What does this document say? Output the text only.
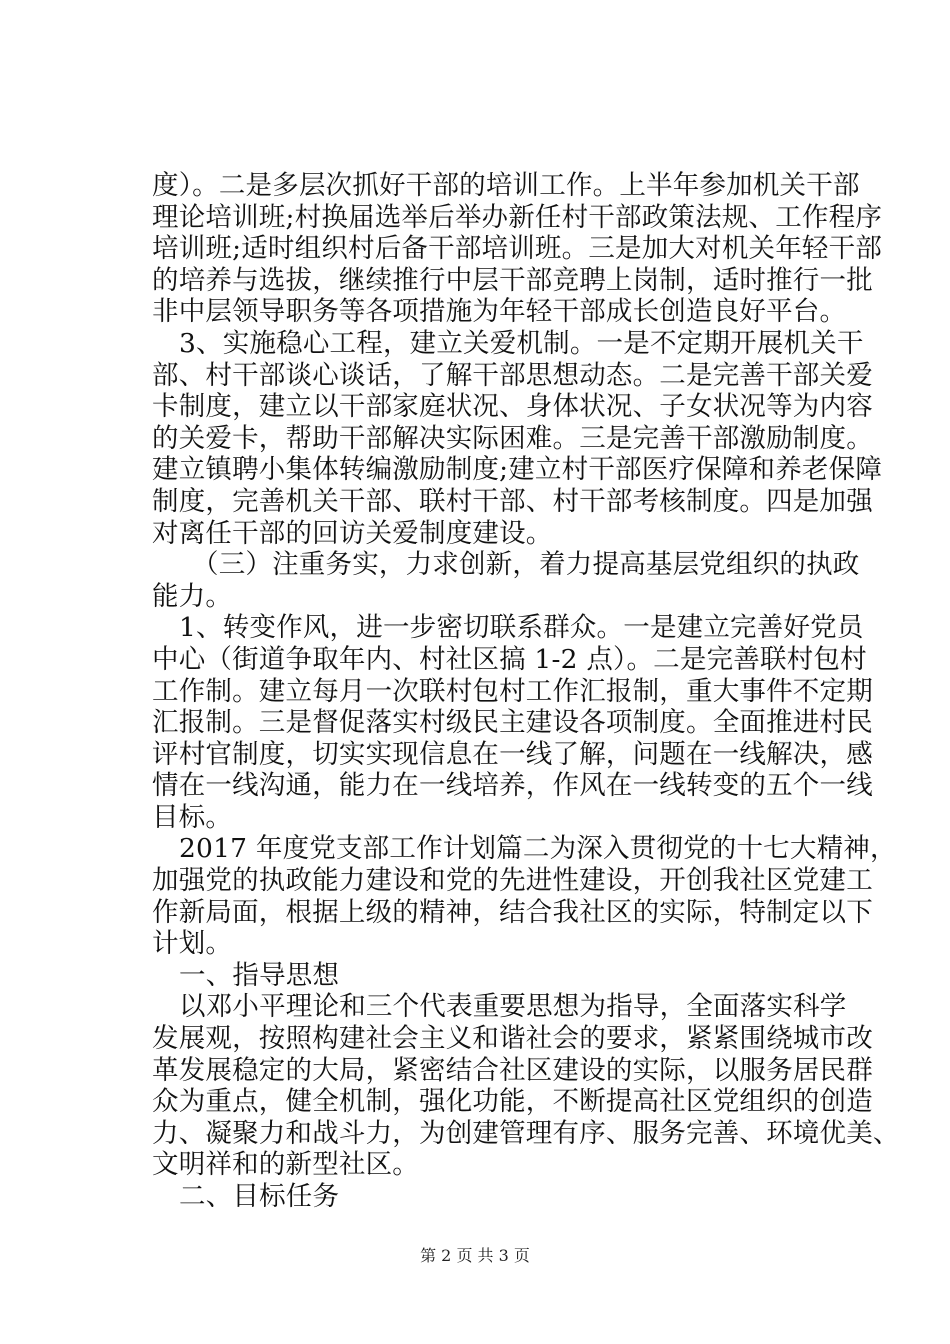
度）。二是多层次抓好干部的培训工作。上半年参加机关干部
理论培训班;村换届选举后举办新任村干部政策法规、工作程序
培训班;适时组织村后备干部培训班。三是加大对机关年轻干部
的培养与选拔，继续推行中层干部竞聘上岗制，适时推行一批
非中层领导职务等各项措施为年轻干部成长创造良好平台。
3、实施稳心工程，建立关爱机制。一是不定期开展机关干
部、村干部谈心谈话，了解干部思想动态。二是完善干部关爱
卡制度，建立以干部家庭状况、身体状况、子女状况等为内容
的关爱卡，帮助干部解决实际困难。三是完善干部激励制度。
建立镇聘小集体转编激励制度;建立村干部医疗保障和养老保障
制度，完善机关干部、联村干部、村干部考核制度。四是加强
对离任干部的回访关爱制度建设。
（三）注重务实，力求创新，着力提高基层党组织的执政
能力。
1、转变作风，进一步密切联系群众。一是建立完善好党员
中心（街道争取年内、村社区搞 1-2 点）。二是完善联村包村
工作制。建立每月一次联村包村工作汇报制，重大事件不定期
汇报制。三是督促落实村级民主建设各项制度。全面推进村民
评村官制度，切实实现信息在一线了解，问题在一线解决，感
情在一线沟通，能力在一线培养，作风在一线转变的五个一线
目标。
2017 年度党支部工作计划篇二为深入贯彻党的十七大精神，
加强党的执政能力建设和党的先进性建设，开创我社区党建工
作新局面，根据上级的精神，结合我社区的实际，特制定以下
计划。
一、指导思想
以邓小平理论和三个代表重要思想为指导，全面落实科学
发展观，按照构建社会主义和谐社会的要求，紧紧围绕城市改
革发展稳定的大局，紧密结合社区建设的实际，以服务居民群
众为重点，健全机制，强化功能，不断提高社区党组织的创造
力、凝聚力和战斗力，为创建管理有序、服务完善、环境优美、
文明祥和的新型社区。
二、目标任务
第 2 页 共 3 页
